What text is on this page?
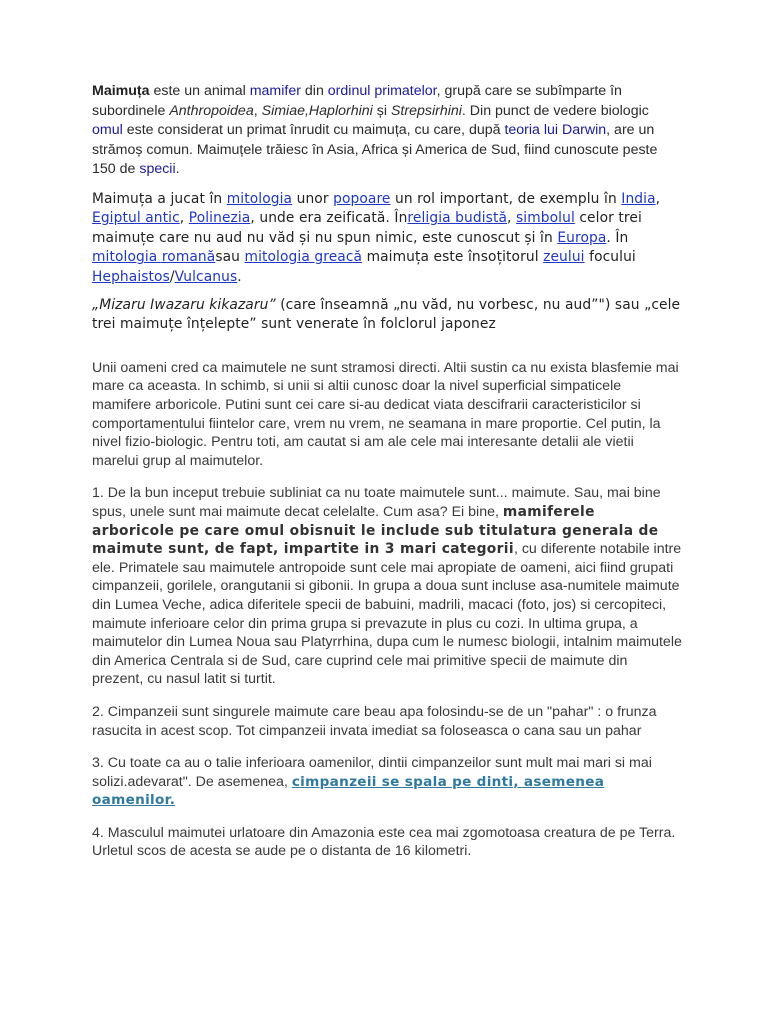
Maimuța este un animal mamifer din ordinul primatelor, grupă care se subîmparte în subordinele Anthropoidea, Simiae,Haplorhini și Strepsirhini. Din punct de vedere biologic omul este considerat un primat înrudit cu maimuța, cu care, după teoria lui Darwin, are un strămoș comun. Maimuțele trăiesc în Asia, Africa și America de Sud, fiind cunoscute peste 150 de specii.

Maimuța a jucat în mitologia unor popoare un rol important, de exemplu în India, Egiptul antic, Polinezia, unde era zeificată. Înreligia budistă, simbolul celor trei maimuțe care nu aud nu văd și nu spun nimic, este cunoscut și în Europa. În mitologia romanăsau mitologia greacă maimuța este însoțitorul zeului focului Hephaistos/Vulcanus.

„Mizaru Iwazaru kikazaru” (care înseamnă „nu văd, nu vorbesc, nu aud”") sau „cele trei maimuțe înțelepte” sunt venerate în folclorul japonez

Unii oameni cred ca maimutele ne sunt stramosi directi. Altii sustin ca nu exista blasfemie mai mare ca aceasta. In schimb, si unii si altii cunosc doar la nivel superficial simpaticele mamifere arboricole. Putini sunt cei care si-au dedicat viata descifrarii caracteristicilor si comportamentului fiintelor care, vrem nu vrem, ne seamana in mare proportie. Cel putin, la nivel fizio-biologic. Pentru toti, am cautat si am ale cele mai interesante detalii ale vietii marelui grup al maimutelor.

1. De la bun inceput trebuie subliniat ca nu toate maimutele sunt... maimute. Sau, mai bine spus, unele sunt mai maimute decat celelalte. Cum asa? Ei bine, mamiferele arboricole pe care omul obisnuit le include sub titulatura generala de maimute sunt, de fapt, impartite in 3 mari categorii, cu diferente notabile intre ele. Primatele sau maimutele antropoide sunt cele mai apropiate de oameni, aici fiind grupati cimpanzeii, gorilele, orangutanii si gibonii. In grupa a doua sunt incluse asa-numitele maimute din Lumea Veche, adica diferitele specii de babuini, madrili, macaci (foto, jos) si cercopiteci, maimute inferioare celor din prima grupa si prevazute in plus cu cozi. In ultima grupa, a maimutelor din Lumea Noua sau Platyrrhina, dupa cum le numesc biologii, intalnim maimutele din America Centrala si de Sud, care cuprind cele mai primitive specii de maimute din prezent, cu nasul latit si turtit.

2. Cimpanzeii sunt singurele maimute care beau apa folosindu-se de un "pahar" : o frunza rasucita in acest scop. Tot cimpanzeii invata imediat sa foloseasca o cana sau un pahar

3. Cu toate ca au o talie inferioara oamenilor, dintii cimpanzeilor sunt mult mai mari si mai solizi.adevarat". De asemenea, cimpanzeii se spala pe dinti, asemenea oamenilor.

4. Masculul maimutei urlatoare din Amazonia este cea mai zgomotoasa creatura de pe Terra. Urletul scos de acesta se aude pe o distanta de 16 kilometri.
